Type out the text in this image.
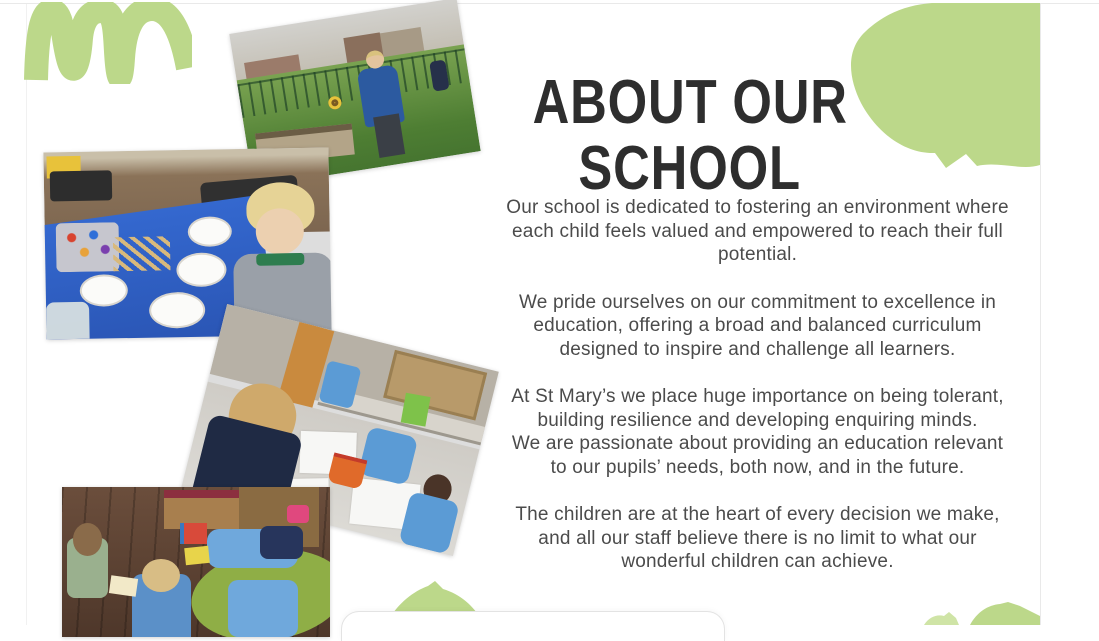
ABOUT OUR
SCHOOL

Our school is dedicated to fostering an environment where each child feels valued and empowered to reach their full potential.

We pride ourselves on our commitment to excellence in education, offering a broad and balanced curriculum designed to inspire and challenge all learners.

At St Mary’s we place huge importance on being tolerant, building resilience and developing enquiring minds.

We are passionate about providing an education relevant to our pupils’ needs, both now, and in the future.

The children are at the heart of every decision we make, and all our staff believe there is no limit to what our wonderful children can achieve.
